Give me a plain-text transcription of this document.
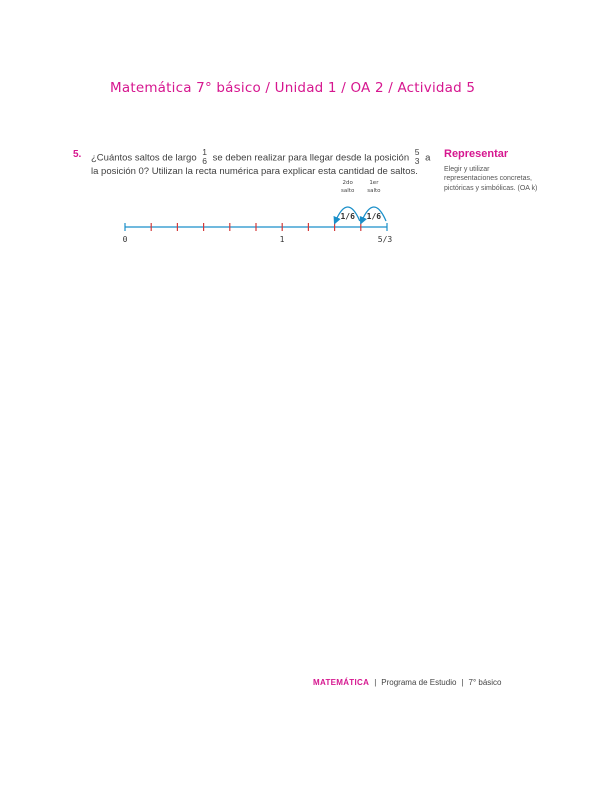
Matemática 7° básico / Unidad 1 / OA 2 / Actividad 5
5. ¿Cuántos saltos de largo
1
6 se deben realizar para llegar desde la posición
5
3 a
la posición 0? Utilizan la recta numérica para explicar esta cantidad de saltos.
Representar
Elegir y utilizar representaciones concretas, pictóricas y simbólicas. (OA k)
1er
salto
1/6
2do
salto
1/6
0	1	5/3
MATEMÁTICA | Programa de Estudio | 7° básico
